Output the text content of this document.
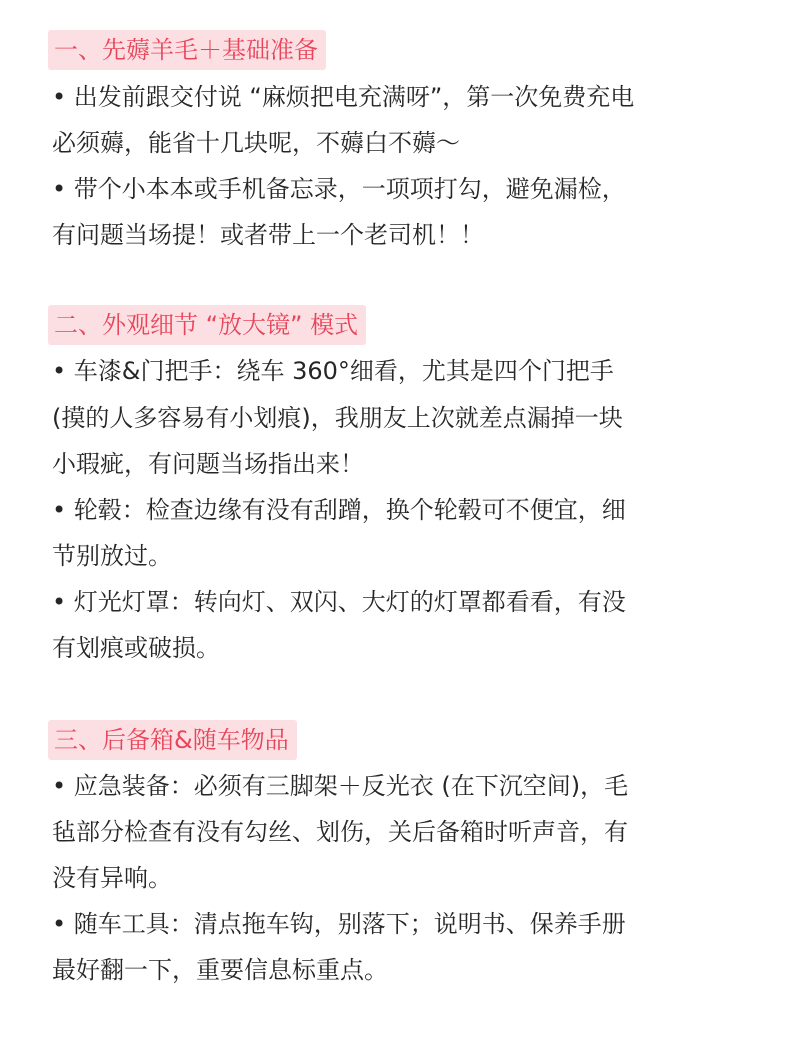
一、先薅羊毛＋基础准备
• 出发前跟交付说 “麻烦把电充满呀”，第一次免费充电
必须薅，能省十几块呢，不薅白不薅～
• 带个小本本或手机备忘录，一项项打勾，避免漏检，
有问题当场提！或者带上一个老司机！！
二、外观细节 “放大镜” 模式
• 车漆&门把手：绕车 360°细看，尤其是四个门把手
(摸的人多容易有小划痕)，我朋友上次就差点漏掉一块
小瑕疵，有问题当场指出来！
• 轮毂：检查边缘有没有刮蹭，换个轮毂可不便宜，细
节别放过。
• 灯光灯罩：转向灯、双闪、大灯的灯罩都看看，有没
有划痕或破损。
三、后备箱&随车物品
• 应急装备：必须有三脚架＋反光衣 (在下沉空间)，毛
毡部分检查有没有勾丝、划伤，关后备箱时听声音，有
没有异响。
• 随车工具：清点拖车钩，别落下；说明书、保养手册
最好翻一下，重要信息标重点。
